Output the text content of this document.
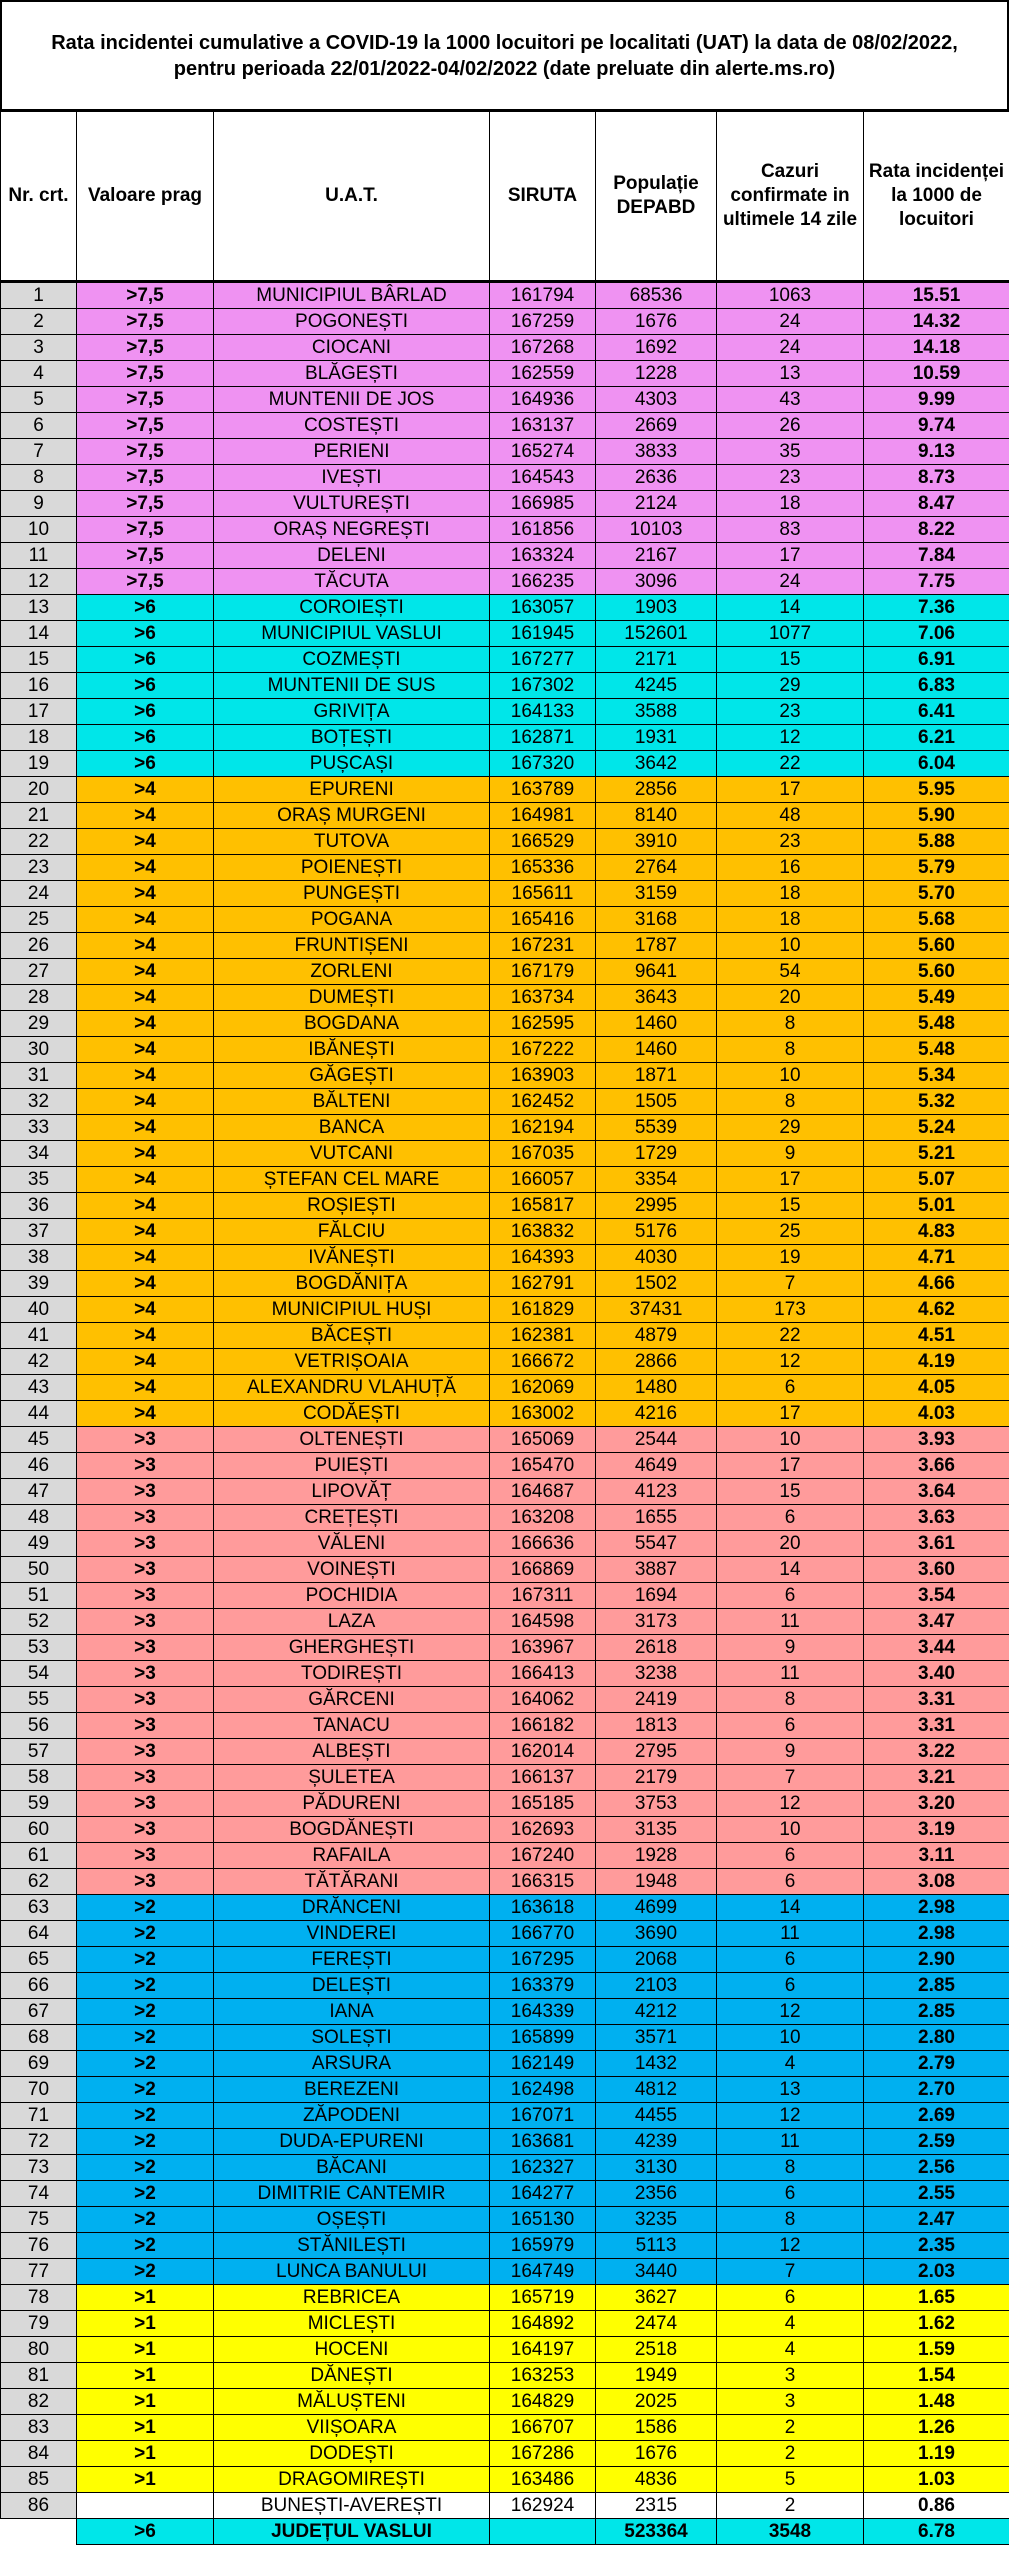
Rata incidentei cumulative a COVID-19 la 1000 locuitori pe localitati (UAT) la data de 08/02/2022,
pentru perioada 22/01/2022-04/02/2022 (date preluate din alerte.ms.ro)
Nr. crt.	Valoare prag	U.A.T.	SIRUTA	Populație DEPABD	Cazuri confirmate in ultimele 14 zile	Rata incidenței la 1000 de locuitori
1	>7,5	MUNICIPIUL BÂRLAD	161794	68536	1063	15.51
2	>7,5	POGONEȘTI	167259	1676	24	14.32
3	>7,5	CIOCANI	167268	1692	24	14.18
4	>7,5	BLĂGEȘTI	162559	1228	13	10.59
5	>7,5	MUNTENII DE JOS	164936	4303	43	9.99
6	>7,5	COSTEȘTI	163137	2669	26	9.74
7	>7,5	PERIENI	165274	3833	35	9.13
8	>7,5	IVEȘTI	164543	2636	23	8.73
9	>7,5	VULTUREȘTI	166985	2124	18	8.47
10	>7,5	ORAȘ NEGREȘTI	161856	10103	83	8.22
11	>7,5	DELENI	163324	2167	17	7.84
12	>7,5	TĂCUTA	166235	3096	24	7.75
13	>6	COROIEȘTI	163057	1903	14	7.36
14	>6	MUNICIPIUL VASLUI	161945	152601	1077	7.06
15	>6	COZMEȘTI	167277	2171	15	6.91
16	>6	MUNTENII DE SUS	167302	4245	29	6.83
17	>6	GRIVIȚA	164133	3588	23	6.41
18	>6	BOȚEȘTI	162871	1931	12	6.21
19	>6	PUȘCAȘI	167320	3642	22	6.04
20	>4	EPURENI	163789	2856	17	5.95
21	>4	ORAȘ MURGENI	164981	8140	48	5.90
22	>4	TUTOVA	166529	3910	23	5.88
23	>4	POIENEȘTI	165336	2764	16	5.79
24	>4	PUNGEȘTI	165611	3159	18	5.70
25	>4	POGANA	165416	3168	18	5.68
26	>4	FRUNTIȘENI	167231	1787	10	5.60
27	>4	ZORLENI	167179	9641	54	5.60
28	>4	DUMEȘTI	163734	3643	20	5.49
29	>4	BOGDANA	162595	1460	8	5.48
30	>4	IBĂNEȘTI	167222	1460	8	5.48
31	>4	GĂGEȘTI	163903	1871	10	5.34
32	>4	BĂLTENI	162452	1505	8	5.32
33	>4	BANCA	162194	5539	29	5.24
34	>4	VUTCANI	167035	1729	9	5.21
35	>4	ȘTEFAN CEL MARE	166057	3354	17	5.07
36	>4	ROȘIEȘTI	165817	2995	15	5.01
37	>4	FĂLCIU	163832	5176	25	4.83
38	>4	IVĂNEȘTI	164393	4030	19	4.71
39	>4	BOGDĂNIȚA	162791	1502	7	4.66
40	>4	MUNICIPIUL HUȘI	161829	37431	173	4.62
41	>4	BĂCEȘTI	162381	4879	22	4.51
42	>4	VETRIȘOAIA	166672	2866	12	4.19
43	>4	ALEXANDRU VLAHUȚĂ	162069	1480	6	4.05
44	>4	CODĂEȘTI	163002	4216	17	4.03
45	>3	OLTENEȘTI	165069	2544	10	3.93
46	>3	PUIEȘTI	165470	4649	17	3.66
47	>3	LIPOVĂȚ	164687	4123	15	3.64
48	>3	CREȚEȘTI	163208	1655	6	3.63
49	>3	VĂLENI	166636	5547	20	3.61
50	>3	VOINEȘTI	166869	3887	14	3.60
51	>3	POCHIDIA	167311	1694	6	3.54
52	>3	LAZA	164598	3173	11	3.47
53	>3	GHERGHEȘTI	163967	2618	9	3.44
54	>3	TODIREȘTI	166413	3238	11	3.40
55	>3	GĂRCENI	164062	2419	8	3.31
56	>3	TANACU	166182	1813	6	3.31
57	>3	ALBEȘTI	162014	2795	9	3.22
58	>3	ȘULETEA	166137	2179	7	3.21
59	>3	PĂDURENI	165185	3753	12	3.20
60	>3	BOGDĂNEȘTI	162693	3135	10	3.19
61	>3	RAFAILA	167240	1928	6	3.11
62	>3	TĂTĂRANI	166315	1948	6	3.08
63	>2	DRĂNCENI	163618	4699	14	2.98
64	>2	VINDEREI	166770	3690	11	2.98
65	>2	FEREȘTI	167295	2068	6	2.90
66	>2	DELEȘTI	163379	2103	6	2.85
67	>2	IANA	164339	4212	12	2.85
68	>2	SOLEȘTI	165899	3571	10	2.80
69	>2	ARSURA	162149	1432	4	2.79
70	>2	BEREZENI	162498	4812	13	2.70
71	>2	ZĂPODENI	167071	4455	12	2.69
72	>2	DUDA-EPURENI	163681	4239	11	2.59
73	>2	BĂCANI	162327	3130	8	2.56
74	>2	DIMITRIE CANTEMIR	164277	2356	6	2.55
75	>2	OȘEȘTI	165130	3235	8	2.47
76	>2	STĂNILEȘTI	165979	5113	12	2.35
77	>2	LUNCA BANULUI	164749	3440	7	2.03
78	>1	REBRICEA	165719	3627	6	1.65
79	>1	MICLEȘTI	164892	2474	4	1.62
80	>1	HOCENI	164197	2518	4	1.59
81	>1	DĂNEȘTI	163253	1949	3	1.54
82	>1	MĂLUȘTENI	164829	2025	3	1.48
83	>1	VIIȘOARA	166707	1586	2	1.26
84	>1	DODEȘTI	167286	1676	2	1.19
85	>1	DRAGOMIREȘTI	163486	4836	5	1.03
86		BUNEȘTI-AVEREȘTI	162924	2315	2	0.86
	>6	JUDEȚUL VASLUI		523364	3548	6.78
